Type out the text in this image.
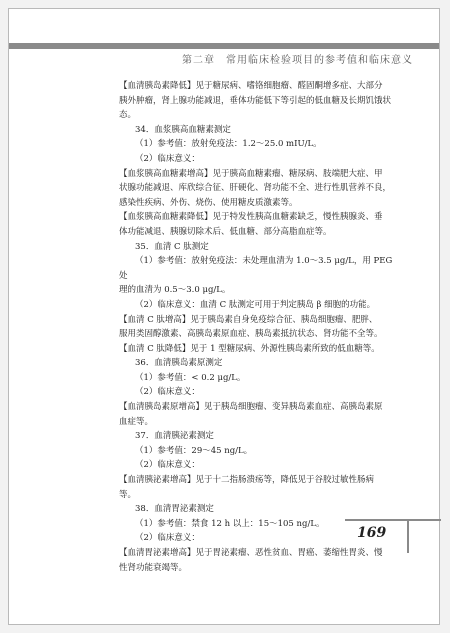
第二章　常用临床检验项目的参考值和临床意义

【血清胰岛素降低】见于糖尿病、嗜铬细胞瘤、醛固酮增多症、大部分

胰外肿瘤，肾上腺功能减退，垂体功能低下等引起的低血糖及长期饥饿状

态。

34．血浆胰高血糖素测定

（1）参考值：放射免疫法：1.2～25.0 mIU/L。

（2）临床意义：

【血浆胰高血糖素增高】见于胰高血糖素瘤、糖尿病、肢端肥大症、甲

状腺功能减退、库欣综合征、肝硬化、肾功能不全、进行性肌营养不良，

感染性疾病、外伤、烧伤、使用糖皮质激素等。

【血浆胰高血糖素降低】见于特发性胰高血糖素缺乏，慢性胰腺炎、垂

体功能减退、胰腺切除术后、低血糖、部分高脂血症等。

35．血清 C 肽测定

（1）参考值：放射免疫法：未处理血清为 1.0～3.5 μg/L，用 PEG 处

理的血清为 0.5～3.0 μg/L。

（2）临床意义：血清 C 肽测定可用于判定胰岛 β 细胞的功能。

【血清 C 肽增高】见于胰岛素自身免疫综合征、胰岛细胞瘤、肥胖、

服用类固醇激素、高胰岛素原血症、胰岛素抵抗状态、肾功能不全等。

【血清 C 肽降低】见于 1 型糖尿病、外源性胰岛素所致的低血糖等。

36．血清胰岛素原测定

（1）参考值：< 0.2 μg/L。

（2）临床意义：

【血清胰岛素原增高】见于胰岛细胞瘤、变异胰岛素血症、高胰岛素原

血症等。

37．血清胰泌素测定

（1）参考值：29～45 ng/L。

（2）临床意义：

【血清胰泌素增高】见于十二指肠溃疡等，降低见于谷胶过敏性肠病

等。

38．血清胃泌素测定

（1）参考值：禁食 12 h 以上：15～105 ng/L。

（2）临床意义：

【血清胃泌素增高】见于胃泌素瘤、恶性贫血、胃癌、萎缩性胃炎、慢

性肾功能衰竭等。

169
